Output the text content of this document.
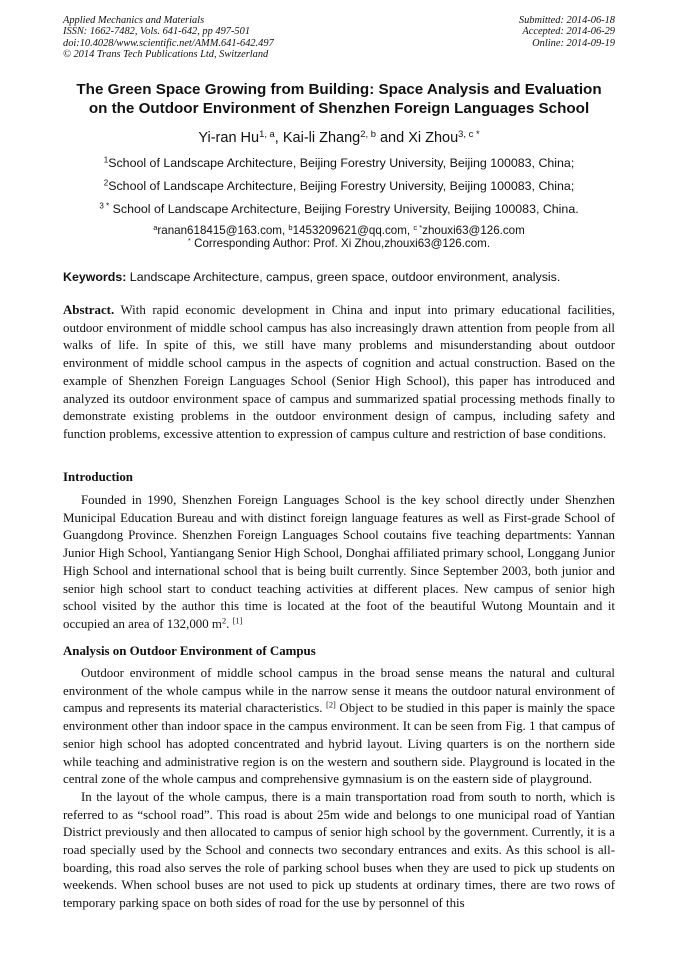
Applied Mechanics and Materials
ISSN: 1662-7482, Vols. 641-642, pp 497-501
doi:10.4028/www.scientific.net/AMM.641-642.497
© 2014 Trans Tech Publications Ltd, Switzerland
Submitted: 2014-06-18
Accepted: 2014-06-29
Online: 2014-09-19
The Green Space Growing from Building: Space Analysis and Evaluation
on the Outdoor Environment of Shenzhen Foreign Languages School
Yi-ran Hu$^{1, a}$, Kai-li Zhang$^{2, b}$ and Xi Zhou$^{3, c *}$
$^1$School of Landscape Architecture, Beijing Forestry University, Beijing 100083, China;
$^2$School of Landscape Architecture, Beijing Forestry University, Beijing 100083, China;
$^{3 *}$ School of Landscape Architecture, Beijing Forestry University, Beijing 100083, China.
$^a$ranan618415@163.com, $^b$1453209621@qq.com, $^{c *}$zhouxi63@126.com
* Corresponding Author: Prof. Xi Zhou,zhouxi63@126.com.
Keywords: Landscape Architecture, campus, green space, outdoor environment, analysis.

Abstract. With rapid economic development in China and input into primary educational facilities, outdoor environment of middle school campus has also increasingly drawn attention from people from all walks of life. In spite of this, we still have many problems and misunderstanding about outdoor environment of middle school campus in the aspects of cognition and actual construction. Based on the example of Shenzhen Foreign Languages School (Senior High School), this paper has introduced and analyzed its outdoor environment space of campus and summarized spatial processing methods finally to demonstrate existing problems in the outdoor environment design of campus, including safety and function problems, excessive attention to expression of campus culture and restriction of base conditions.

Introduction

Founded in 1990, Shenzhen Foreign Languages School is the key school directly under Shenzhen Municipal Education Bureau and with distinct foreign language features as well as First-grade School of Guangdong Province. Shenzhen Foreign Languages School coutains five teaching departments: Yannan Junior High School, Yantiangang Senior High School, Donghai affiliated primary school, Longgang Junior High School and international school that is being built currently. Since September 2003, both junior and senior high school start to conduct teaching activities at different places. New campus of senior high school visited by the author this time is located at the foot of the beautiful Wutong Mountain and it occupied an area of 132,000 $m^2$. [1]

Analysis on Outdoor Environment of Campus

Outdoor environment of middle school campus in the broad sense means the natural and cultural environment of the whole campus while in the narrow sense it means the outdoor natural environment of campus and represents its material characteristics. [2] Object to be studied in this paper is mainly the space environment other than indoor space in the campus environment. It can be seen from Fig. 1 that campus of senior high school has adopted concentrated and hybrid layout. Living quarters is on the northern side while teaching and administrative region is on the western and southern side. Playground is located in the central zone of the whole campus and comprehensive gymnasium is on the eastern side of playground.

In the layout of the whole campus, there is a main transportation road from south to north, which is referred to as “school road”. This road is about 25m wide and belongs to one municipal road of Yantian District previously and then allocated to campus of senior high school by the government. Currently, it is a road specially used by the School and connects two secondary entrances and exits. As this school is all-boarding, this road also serves the role of parking school buses when they are used to pick up students on weekends. When school buses are not used to pick up students at ordinary times, there are two rows of temporary parking space on both sides of road for the use by personnel of this
